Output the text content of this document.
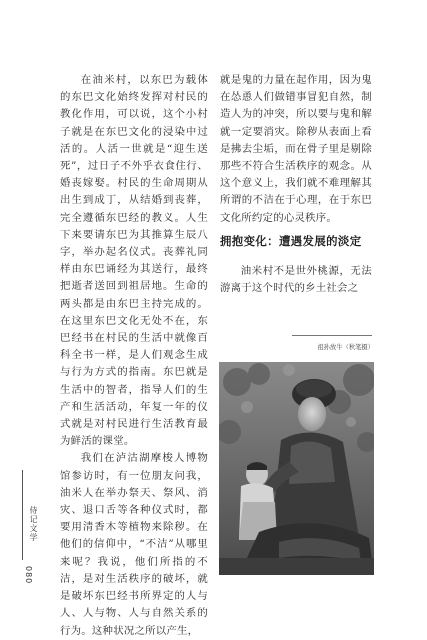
侍记文学
080

在油米村，以东巴为载体的东巴文化始终发挥对村民的教化作用，可以说，这个小村子就是在东巴文化的浸染中过活的。人活一世就是“迎生送死”，过日子不外乎衣食住行、婚丧嫁娶。村民的生命周期从出生到成丁，从结婚到丧葬，完全遵循东巴经的教义。人生下来要请东巴为其推算生辰八字，举办起名仪式。丧葬礼同样由东巴诵经为其送行，最终把逝者送回到祖居地。生命的两头都是由东巴主持完成的。在这里东巴文化无处不在，东巴经书在村民的生活中就像百科全书一样，是人们观念生成与行为方式的指南。东巴就是生活中的智者，指导人们的生产和生活活动，年复一年的仪式就是对村民进行生活教育最为鲜活的课堂。

我们在泸沽湖摩梭人博物馆参访时，有一位朋友问我，油米人在举办祭天、祭风、消灾、退口舌等各种仪式时，都要用清香木等植物来除秽。在他们的信仰中，“不洁”从哪里来呢？我说，他们所指的不洁，是对生活秩序的破坏，就是破坏东巴经书所界定的人与人、人与物、人与自然关系的行为。这种状况之所以产生，

就是鬼的力量在起作用，因为鬼在怂恿人们做错事冒犯自然，制造人为的冲突，所以要与鬼和解就一定要消灾。除秽从表面上看是拂去尘垢，而在骨子里是剔除那些不符合生活秩序的观念。从这个意义上，我们就不难理解其所谓的不洁在于心理，在于东巴文化所约定的心灵秩序。

拥抱变化：遭遇发展的淡定

油米村不是世外桃源，无法游离于这个时代的乡土社会之

祖孙放牛（秋笔摄）
